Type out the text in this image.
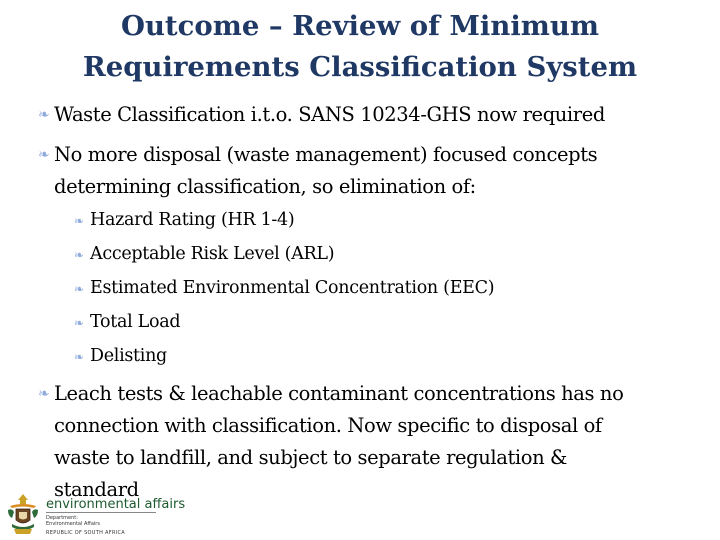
Outcome – Review of Minimum
Requirements Classification System
❧ Waste Classification i.t.o. SANS 10234-GHS now required
❧ No more disposal (waste management) focused concepts
determining classification, so elimination of:
❧ Hazard Rating (HR 1-4)
❧ Acceptable Risk Level (ARL)
❧ Estimated Environmental Concentration (EEC)
❧ Total Load
❧ Delisting
❧ Leach tests & leachable contaminant concentrations has no
connection with classification. Now specific to disposal of
waste to landfill, and subject to separate regulation &
standard
environmental affairs
Department:
Environmental Affairs
REPUBLIC OF SOUTH AFRICA
